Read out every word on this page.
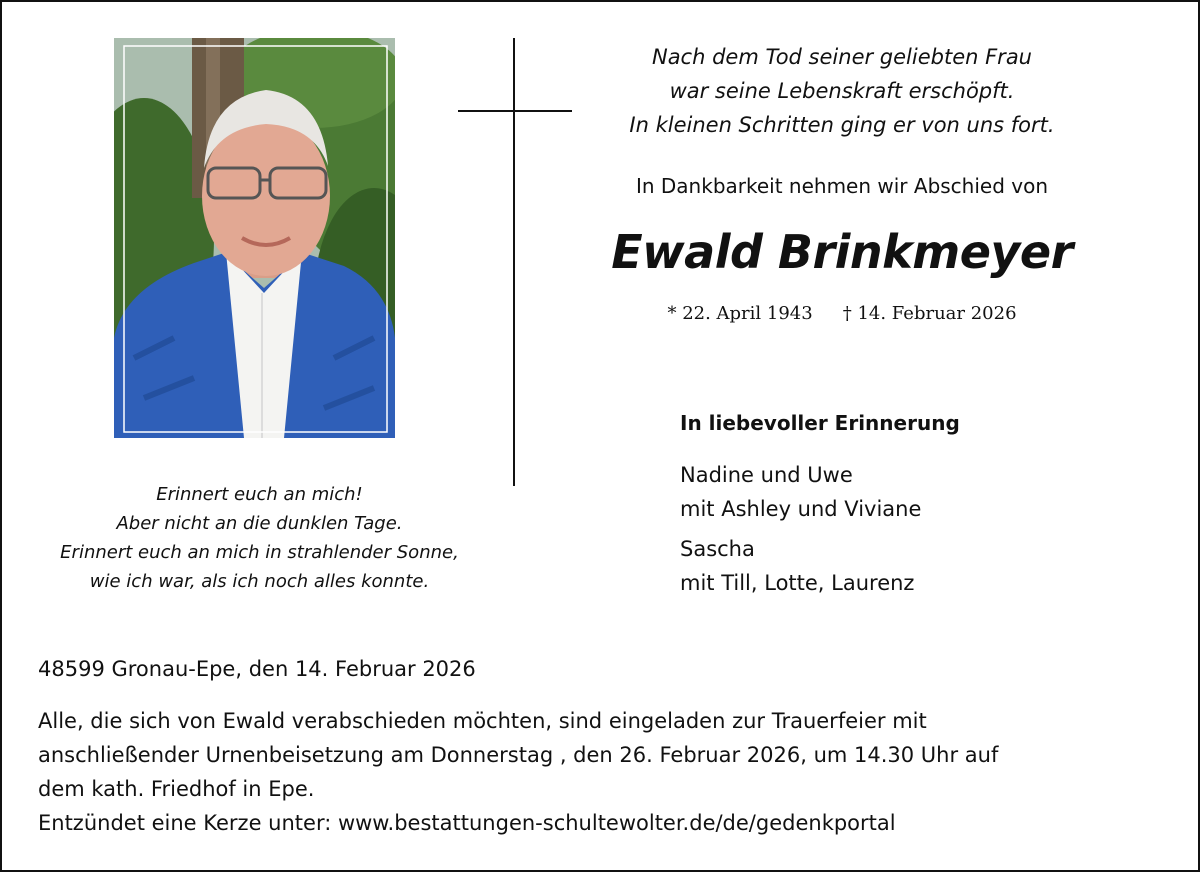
Nach dem Tod seiner geliebten Frau
war seine Lebenskraft erschöpft.
In kleinen Schritten ging er von uns fort.
In Dankbarkeit nehmen wir Abschied von
Ewald Brinkmeyer
* 22. April 1943 † 14. Februar 2026
In liebevoller Erinnerung
Nadine und Uwe
mit Ashley und Viviane
Sascha
mit Till, Lotte, Laurenz
Erinnert euch an mich!
Aber nicht an die dunklen Tage.
Erinnert euch an mich in strahlender Sonne,
wie ich war, als ich noch alles konnte.
48599 Gronau-Epe, den 14. Februar 2026
Alle, die sich von Ewald verabschieden möchten, sind eingeladen zur Trauerfeier mit
anschließender Urnenbeisetzung am Donnerstag , den 26. Februar 2026, um 14.30 Uhr auf
dem kath. Friedhof in Epe.
Entzündet eine Kerze unter: www.bestattungen-schultewolter.de/de/gedenkportal
